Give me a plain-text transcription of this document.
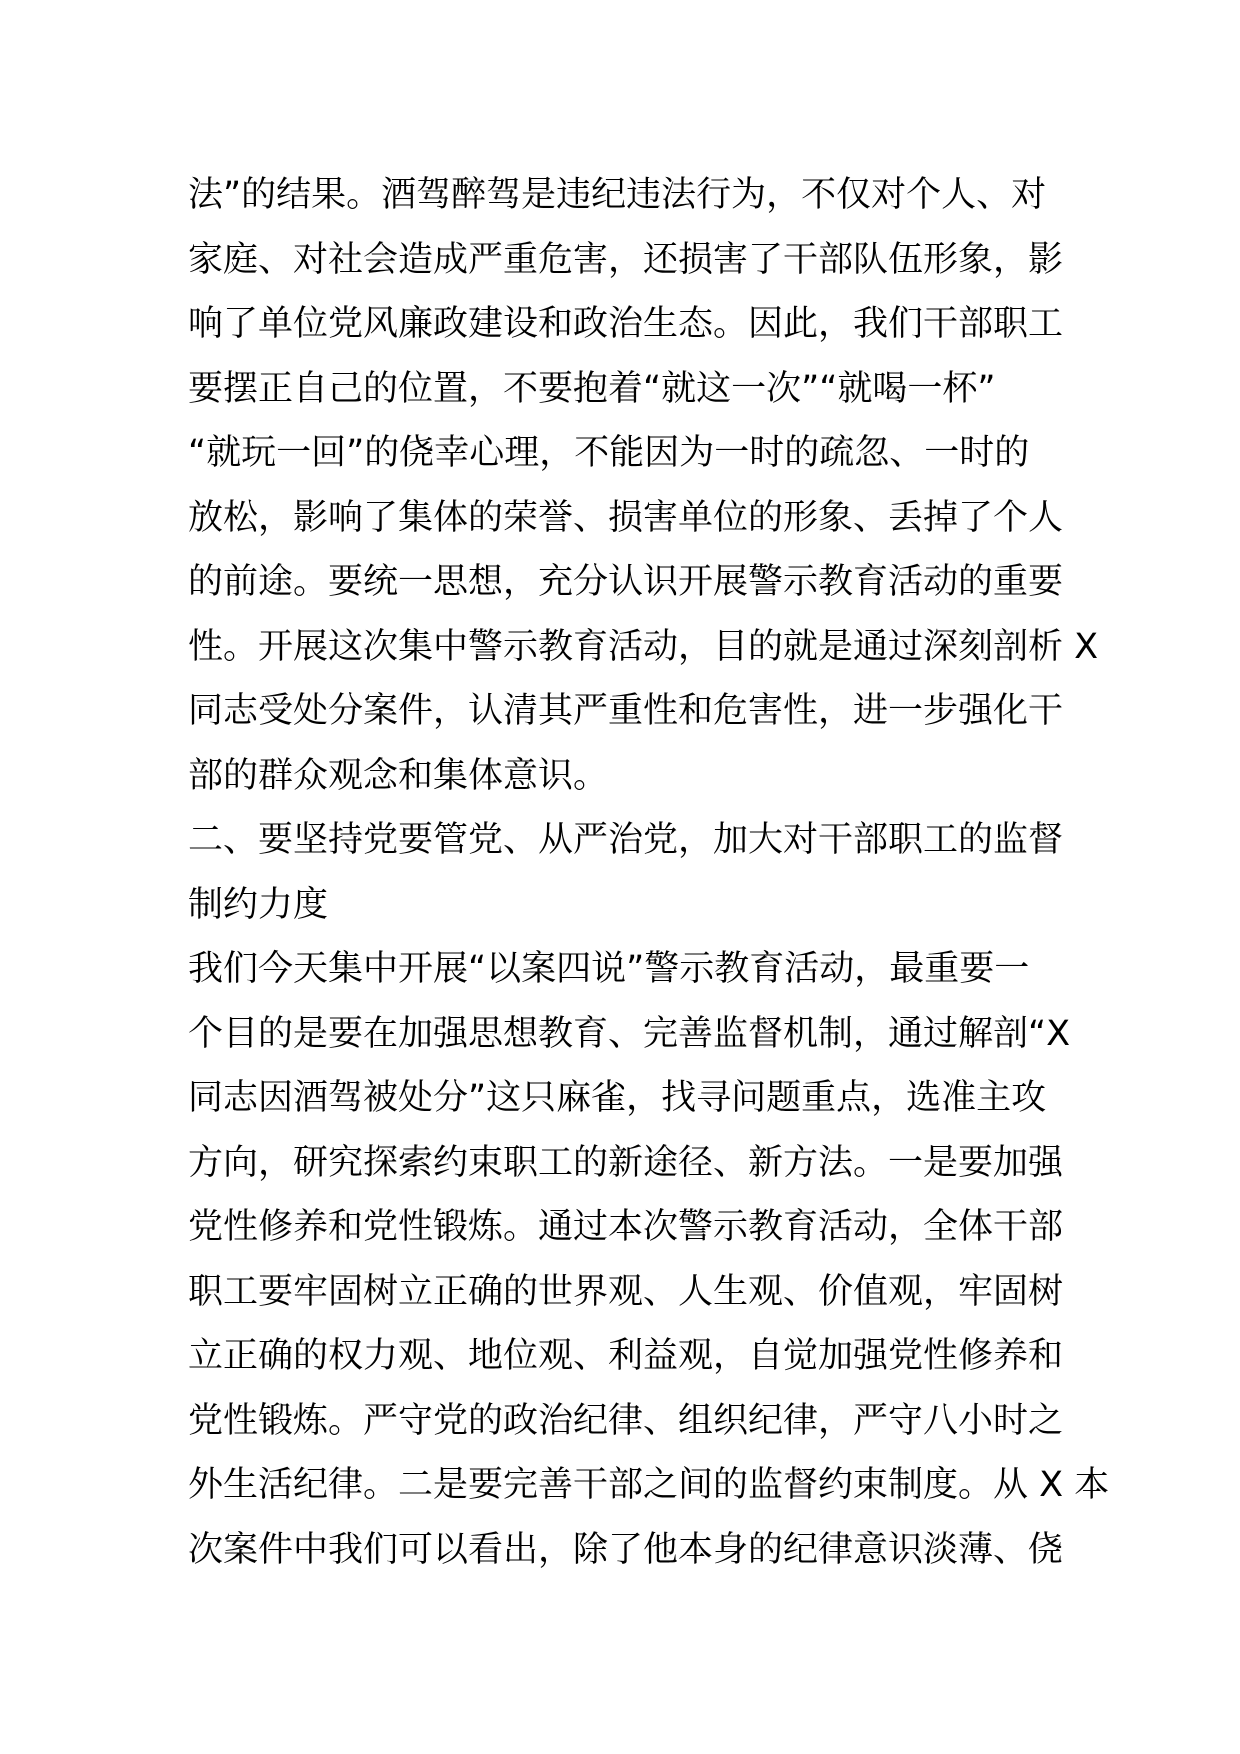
法”的结果。酒驾醉驾是违纪违法行为，不仅对个人、对
家庭、对社会造成严重危害，还损害了干部队伍形象，影
响了单位党风廉政建设和政治生态。因此，我们干部职工
要摆正自己的位置，不要抱着“就这一次”“就喝一杯”
“就玩一回”的侥幸心理，不能因为一时的疏忽、一时的
放松，影响了集体的荣誉、损害单位的形象、丢掉了个人
的前途。要统一思想，充分认识开展警示教育活动的重要
性。开展这次集中警示教育活动，目的就是通过深刻剖析 X
同志受处分案件，认清其严重性和危害性，进一步强化干
部的群众观念和集体意识。
二、要坚持党要管党、从严治党，加大对干部职工的监督
制约力度
我们今天集中开展“以案四说”警示教育活动，最重要一
个目的是要在加强思想教育、完善监督机制，通过解剖“X
同志因酒驾被处分”这只麻雀，找寻问题重点，选准主攻
方向，研究探索约束职工的新途径、新方法。一是要加强
党性修养和党性锻炼。通过本次警示教育活动，全体干部
职工要牢固树立正确的世界观、人生观、价值观，牢固树
立正确的权力观、地位观、利益观，自觉加强党性修养和
党性锻炼。严守党的政治纪律、组织纪律，严守八小时之
外生活纪律。二是要完善干部之间的监督约束制度。从 X 本
次案件中我们可以看出，除了他本身的纪律意识淡薄、侥
